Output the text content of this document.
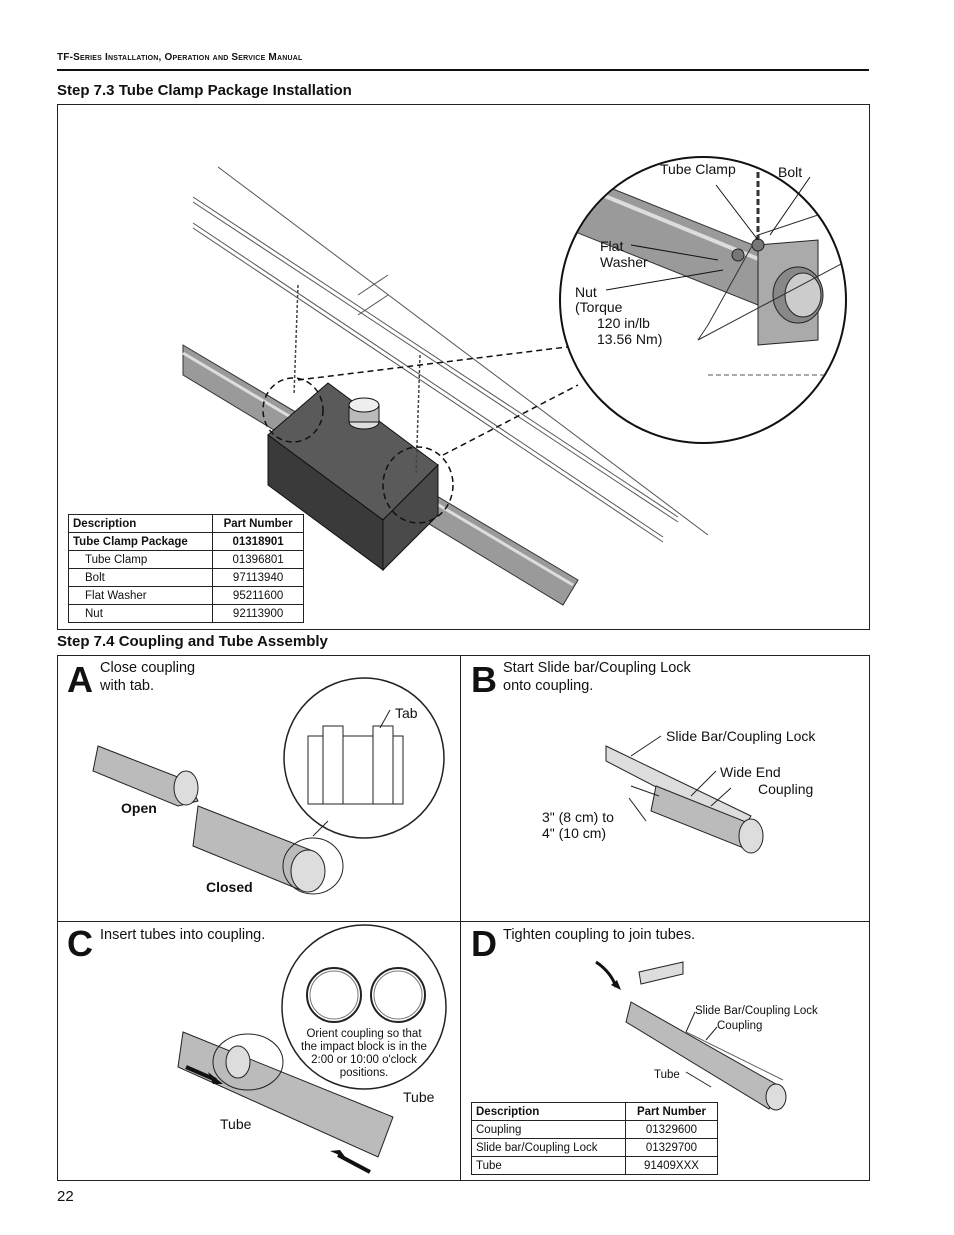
TF-Series Installation, Operation and Service Manual
Step 7.3 Tube Clamp Package Installation
Tube Clamp	Bolt
Flat
Washer
Nut
(Torque
120 in/lb
13.56 Nm)
Description	Part Number
Tube Clamp Package	01318901
Tube Clamp	01396801
Bolt	97113940
Flat Washer	95211600
Nut	92113900
Step 7.4 Coupling and Tube Assembly
A Close coupling
with tab.
Tab
Open
Closed
B Start Slide bar/Coupling Lock
onto coupling.
Slide Bar/Coupling Lock
Wide End
Coupling
3" (8 cm) to
4" (10 cm)
C Insert tubes into coupling.
Orient coupling so that
the impact block is in the
2:00 or 10:00 o'clock
positions.
Tube
Tube
D Tighten coupling to join tubes.
Slide Bar/Coupling Lock
Coupling
Tube
Description	Part Number
Coupling	01329600
Slide bar/Coupling Lock	01329700
Tube	91409XXX
22
